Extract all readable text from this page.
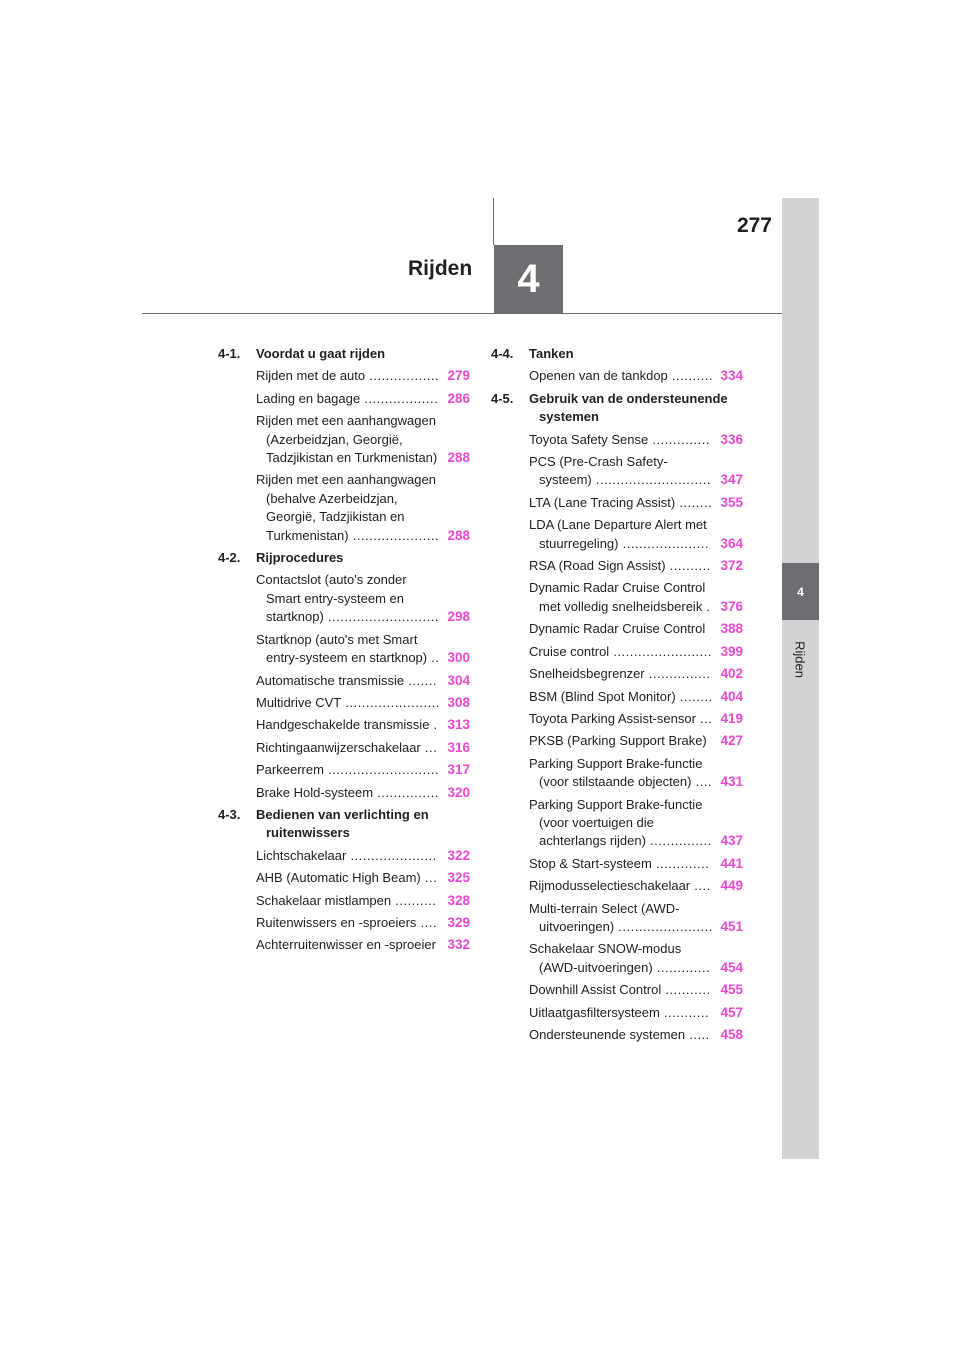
4
Rijden
277
4
Rijden
4-1.	Voordat u gaat rijden
Rijden met de auto ................. 279
Lading en bagage .................. 286
Rijden met een aanhangwagen (Azerbeidzjan, Georgië, Tadzjikistan en Turkmenistan) 288
Rijden met een aanhangwagen (behalve Azerbeidzjan, Georgië, Tadzjikistan en Turkmenistan) ..................... 288
4-2.	Rijprocedures
Contactslot (auto's zonder Smart entry-systeem en startknop) ........................... 298
Startknop (auto's met Smart entry-systeem en startknop) .. 300
Automatische transmissie ....... 304
Multidrive CVT ....................... 308
Handgeschakelde transmissie . 313
Richtingaanwijzerschakelaar ... 316
Parkeerrem ........................... 317
Brake Hold-systeem ............... 320
4-3.	Bedienen van verlichting en ruitenwissers
Lichtschakelaar ..................... 322
AHB (Automatic High Beam) ... 325
Schakelaar mistlampen .......... 328
Ruitenwissers en -sproeiers .... 329
Achterruitenwisser en -sproeier 332
4-4.	Tanken
Openen van de tankdop .......... 334
4-5.	Gebruik van de ondersteunende systemen
Toyota Safety Sense .............. 336
PCS (Pre-Crash Safety-systeem) ............................ 347
LTA (Lane Tracing Assist) ........ 355
LDA (Lane Departure Alert met stuurregeling) ..................... 364
RSA (Road Sign Assist) .......... 372
Dynamic Radar Cruise Control met volledig snelheidsbereik . 376
Dynamic Radar Cruise Control	388
Cruise control ........................ 399
Snelheidsbegrenzer ............... 402
BSM (Blind Spot Monitor) ........ 404
Toyota Parking Assist-sensor ... 419
PKSB (Parking Support Brake)	427
Parking Support Brake-functie (voor stilstaande objecten) .... 431
Parking Support Brake-functie (voor voertuigen die achterlangs rijden) ............... 437
Stop & Start-systeem ............. 441
Rijmodusselectieschakelaar .... 449
Multi-terrain Select (AWD-uitvoeringen) ....................... 451
Schakelaar SNOW-modus (AWD-uitvoeringen) ............. 454
Downhill Assist Control ........... 455
Uitlaatgasfiltersysteem ........... 457
Ondersteunende systemen ..... 458
